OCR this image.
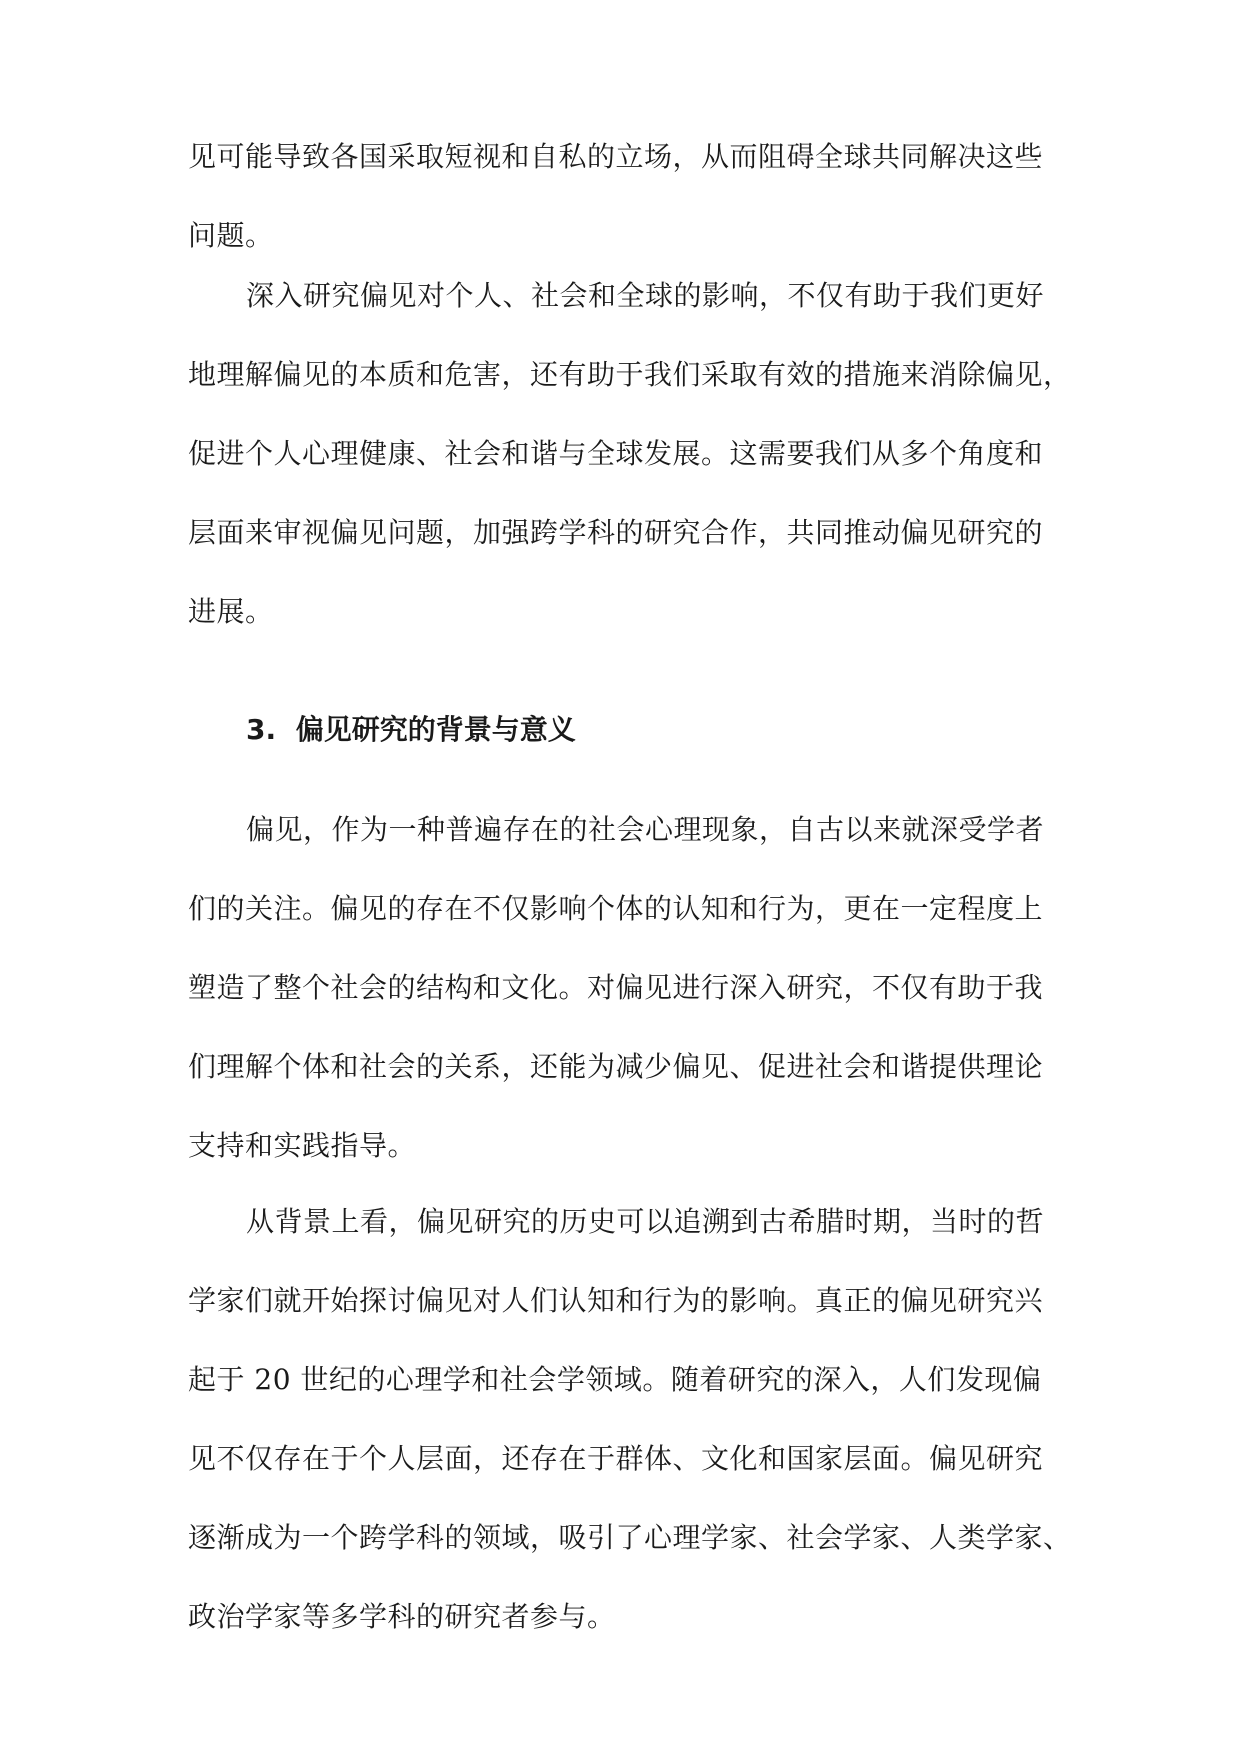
见可能导致各国采取短视和自私的立场，从而阻碍全球共同解决这些
问题。
深入研究偏见对个人、社会和全球的影响，不仅有助于我们更好
地理解偏见的本质和危害，还有助于我们采取有效的措施来消除偏见，
促进个人心理健康、社会和谐与全球发展。这需要我们从多个角度和
层面来审视偏见问题，加强跨学科的研究合作，共同推动偏见研究的
进展。
3. 偏见研究的背景与意义
偏见，作为一种普遍存在的社会心理现象，自古以来就深受学者
们的关注。偏见的存在不仅影响个体的认知和行为，更在一定程度上
塑造了整个社会的结构和文化。对偏见进行深入研究，不仅有助于我
们理解个体和社会的关系，还能为减少偏见、促进社会和谐提供理论
支持和实践指导。
从背景上看，偏见研究的历史可以追溯到古希腊时期，当时的哲
学家们就开始探讨偏见对人们认知和行为的影响。真正的偏见研究兴
起于 20 世纪的心理学和社会学领域。随着研究的深入，人们发现偏
见不仅存在于个人层面，还存在于群体、文化和国家层面。偏见研究
逐渐成为一个跨学科的领域，吸引了心理学家、社会学家、人类学家、
政治学家等多学科的研究者参与。
